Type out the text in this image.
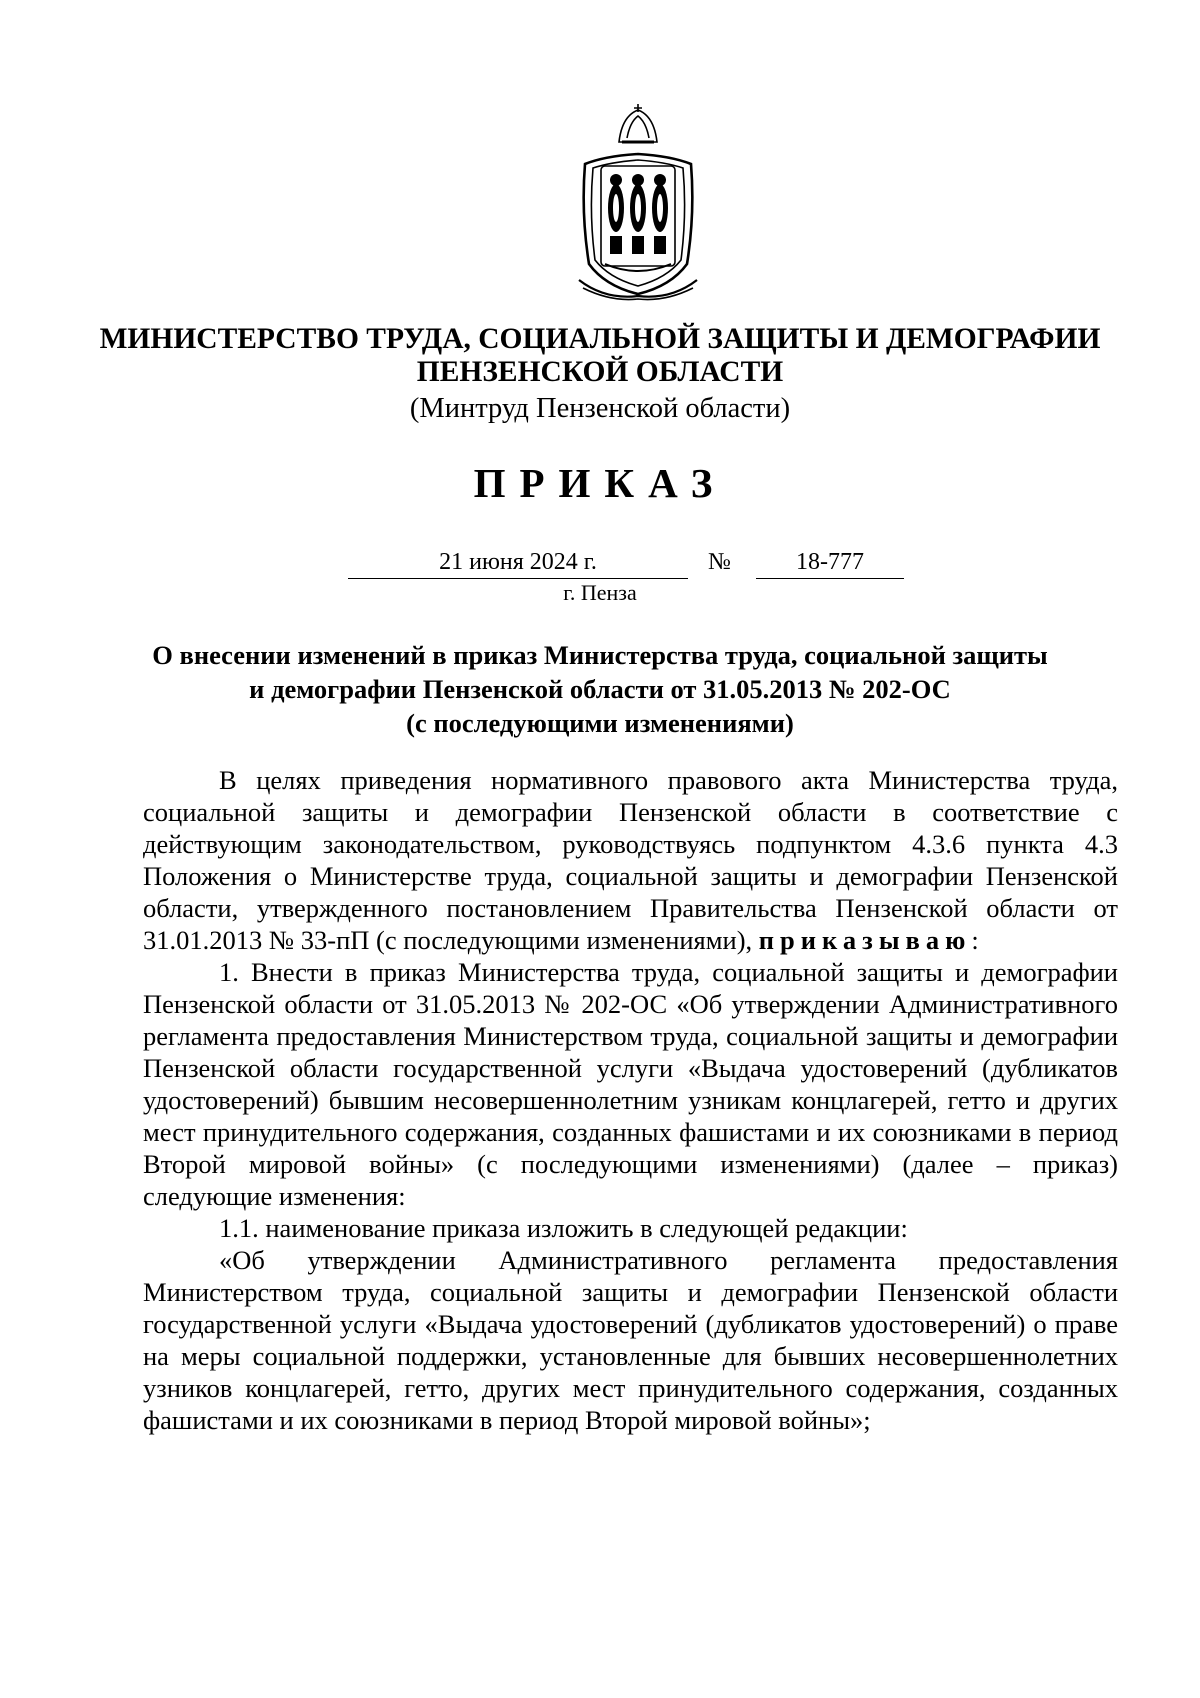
МИНИСТЕРСТВО ТРУДА, СОЦИАЛЬНОЙ ЗАЩИТЫ И ДЕМОГРАФИИ
ПЕНЗЕНСКОЙ ОБЛАСТИ
(Минтруд Пензенской области)
ПРИКАЗ
21 июня 2024 г.	№	18-777
г. Пенза
О внесении изменений в приказ Министерства труда, социальной защиты
и демографии Пензенской области от 31.05.2013 № 202-ОС
(с последующими изменениями)

В целях приведения нормативного правового акта Министерства труда, социальной защиты и демографии Пензенской области в соответствие с действующим законодательством, руководствуясь подпунктом 4.3.6 пункта 4.3 Положения о Министерстве труда, социальной защиты и демографии Пензенской области, утвержденного постановлением Правительства Пензенской области от 31.01.2013 № 33-пП (с последующими изменениями), приказываю:

1. Внести в приказ Министерства труда, социальной защиты и демографии Пензенской области от 31.05.2013 № 202-ОС «Об утверждении Административного регламента предоставления Министерством труда, социальной защиты и демографии Пензенской области государственной услуги «Выдача удостоверений (дубликатов удостоверений) бывшим несовершеннолетним узникам концлагерей, гетто и других мест принудительного содержания, созданных фашистами и их союзниками в период Второй мировой войны» (с последующими изменениями) (далее – приказ) следующие изменения:

1.1. наименование приказа изложить в следующей редакции:

«Об утверждении Административного регламента предоставления Министерством труда, социальной защиты и демографии Пензенской области государственной услуги «Выдача удостоверений (дубликатов удостоверений) о праве на меры социальной поддержки, установленные для бывших несовершеннолетних узников концлагерей, гетто, других мест принудительного содержания, созданных фашистами и их союзниками в период Второй мировой войны»;
